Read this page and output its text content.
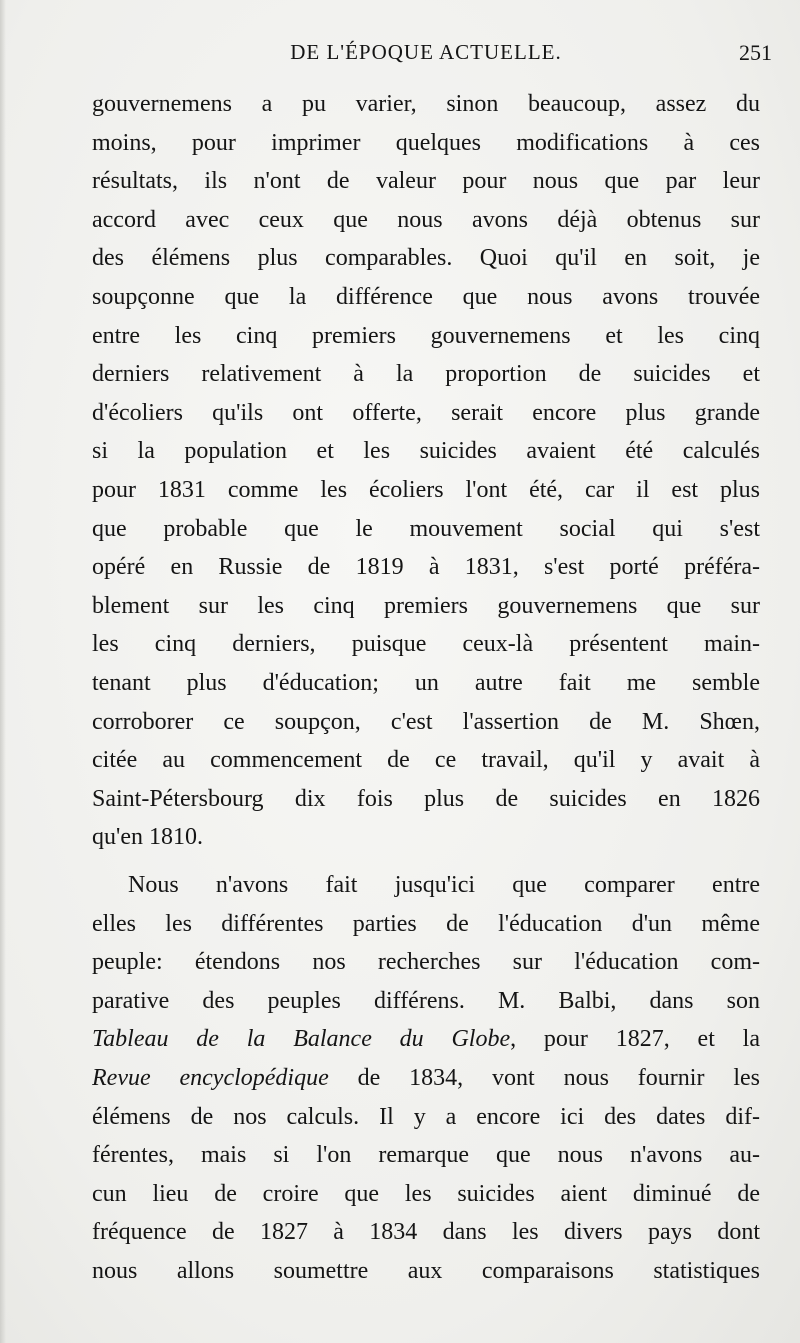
DE L'ÉPOQUE ACTUELLE.	251
gouvernemens a pu varier, sinon beaucoup, assez du
moins, pour imprimer quelques modifications à ces
résultats, ils n'ont de valeur pour nous que par leur
accord avec ceux que nous avons déjà obtenus sur
des élémens plus comparables. Quoi qu'il en soit, je
soupçonne que la différence que nous avons trouvée
entre les cinq premiers gouvernemens et les cinq
derniers relativement à la proportion de suicides et
d'écoliers qu'ils ont offerte, serait encore plus grande
si la population et les suicides avaient été calculés
pour 1831 comme les écoliers l'ont été, car il est plus
que probable que le mouvement social qui s'est
opéré en Russie de 1819 à 1831, s'est porté préféra-
blement sur les cinq premiers gouvernemens que sur
les cinq derniers, puisque ceux-là présentent main-
tenant plus d'éducation; un autre fait me semble
corroborer ce soupçon, c'est l'assertion de M. Shœn,
citée au commencement de ce travail, qu'il y avait à
Saint-Pétersbourg dix fois plus de suicides en 1826
qu'en 1810.
Nous n'avons fait jusqu'ici que comparer entre
elles les différentes parties de l'éducation d'un même
peuple: étendons nos recherches sur l'éducation com-
parative des peuples différens. M. Balbi, dans son
Tableau de la Balance du Globe, pour 1827, et la
Revue encyclopédique de 1834, vont nous fournir les
élémens de nos calculs. Il y a encore ici des dates dif-
férentes, mais si l'on remarque que nous n'avons au-
cun lieu de croire que les suicides aient diminué de
fréquence de 1827 à 1834 dans les divers pays dont
nous allons soumettre aux comparaisons statistiques
